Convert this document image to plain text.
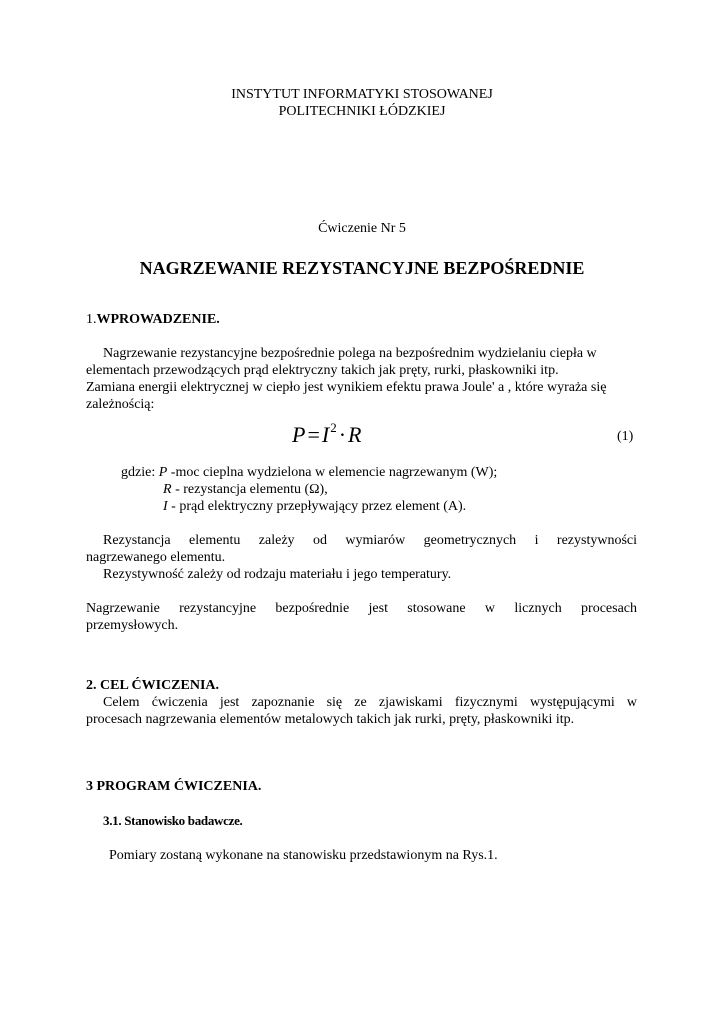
INSTYTUT INFORMATYKI STOSOWANEJ
POLITECHNIKI ŁÓDZKIEJ
Ćwiczenie Nr 5
NAGRZEWANIE REZYSTANCYJNE BEZPOŚREDNIE
1.WPROWADZENIE.
Nagrzewanie rezystancyjne bezpośrednie polega na bezpośrednim wydzielaniu ciepła w
elementach przewodzących prąd elektryczny takich jak pręty, rurki, płaskowniki itp.
Zamiana energii elektrycznej w ciepło jest wynikiem efektu prawa Joule' a , które wyraża się
zależnością:
$P=I^2\cdot R$	(1)
gdzie: P -moc cieplna wydzielona w elemencie nagrzewanym (W);
R - rezystancja elementu (Ω),
I - prąd elektryczny przepływający przez element (A).
Rezystancja elementu zależy od wymiarów geometrycznych i rezystywności
nagrzewanego elementu.
Rezystywność zależy od rodzaju materiału i jego temperatury.
Nagrzewanie rezystancyjne bezpośrednie jest stosowane w licznych procesach
przemysłowych.
2. CEL ĆWICZENIA.
Celem ćwiczenia jest zapoznanie się ze zjawiskami fizycznymi występującymi w
procesach nagrzewania elementów metalowych takich jak rurki, pręty, płaskowniki itp.
3 PROGRAM ĆWICZENIA.
3.1. Stanowisko badawcze.
Pomiary zostaną wykonane na stanowisku przedstawionym na Rys.1.
